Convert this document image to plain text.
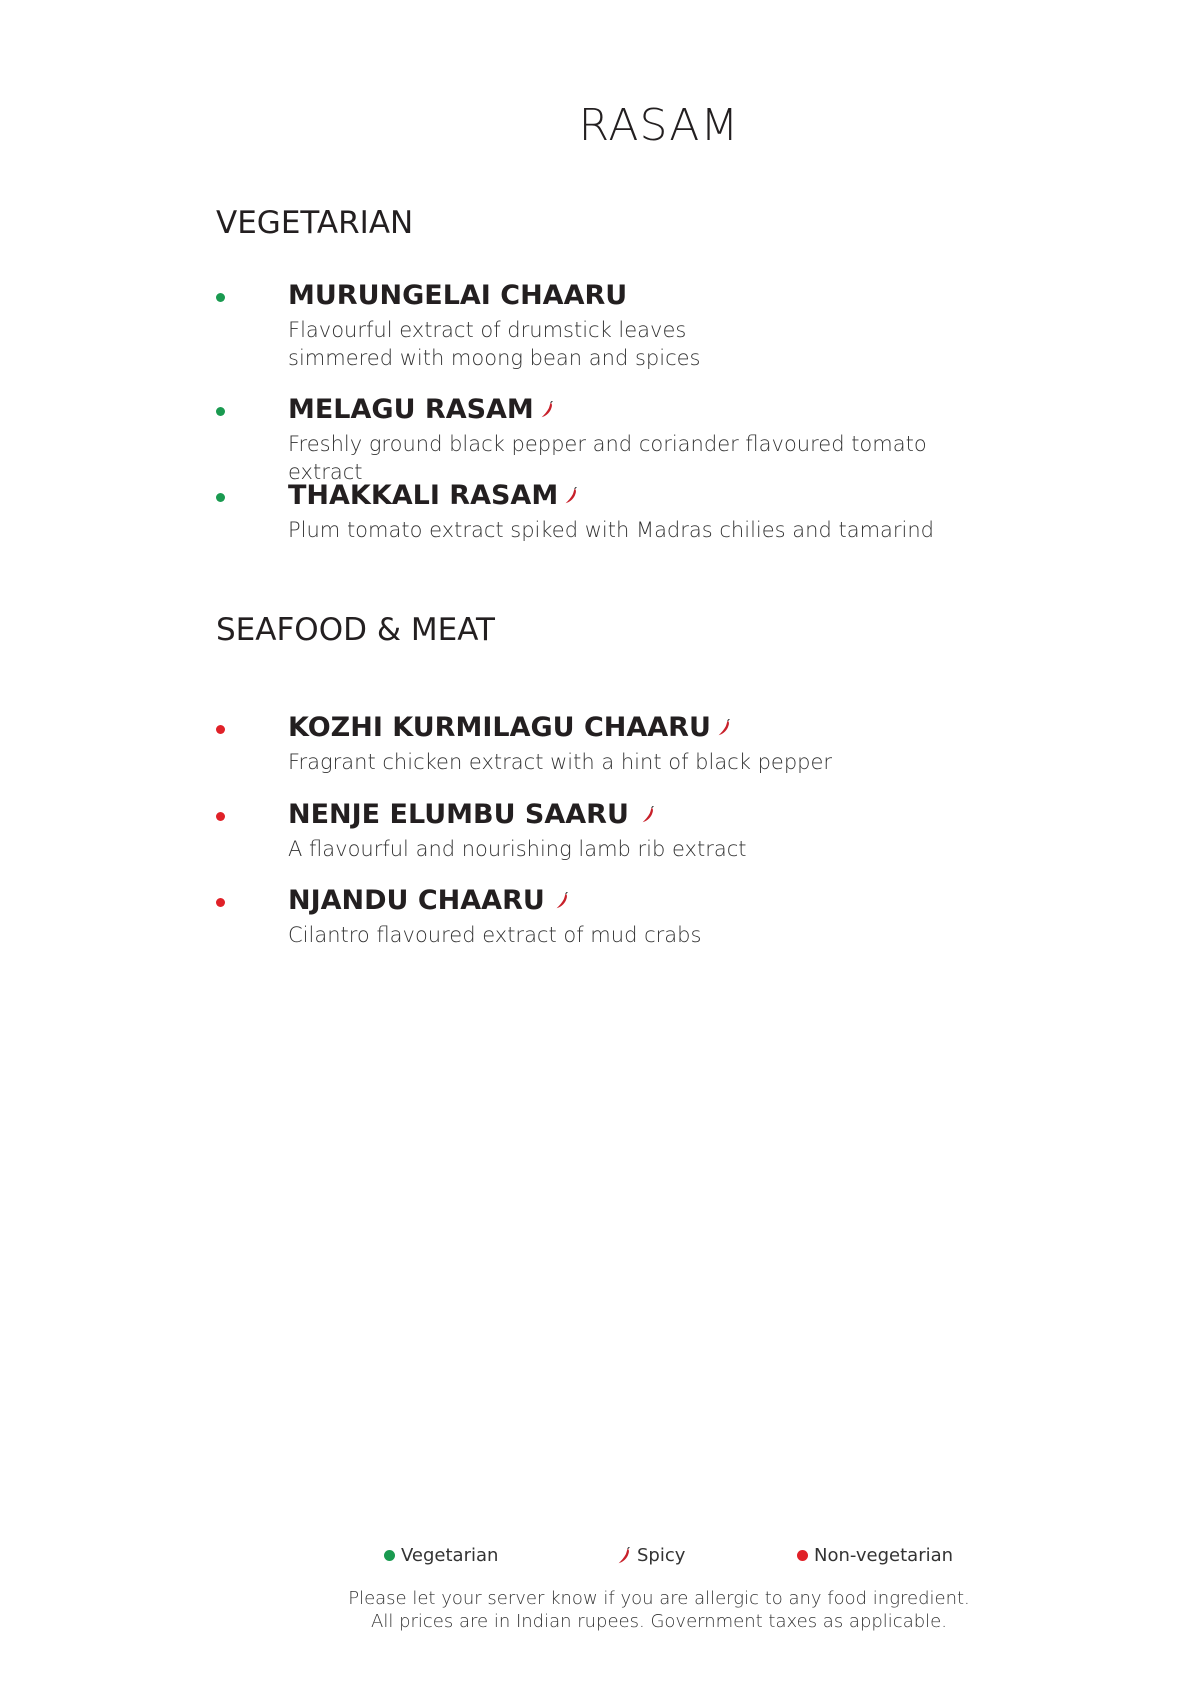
RASAM
VEGETARIAN
MURUNGELAI CHAARU
Flavourful extract of drumstick leaves simmered with moong bean and spices
MELAGU RASAM
Freshly ground black pepper and coriander flavoured tomato extract
THAKKALI RASAM
Plum tomato extract spiked with Madras chilies and tamarind
SEAFOOD & MEAT
KOZHI KURMILAGU CHAARU
Fragrant chicken extract with a hint of black pepper
NENJE ELUMBU SAARU
A flavourful and nourishing lamb rib extract
NJANDU CHAARU
Cilantro flavoured extract of mud crabs
Vegetarian	Spicy	Non-vegetarian
Please let your server know if you are allergic to any food ingredient.
All prices are in Indian rupees. Government taxes as applicable.
